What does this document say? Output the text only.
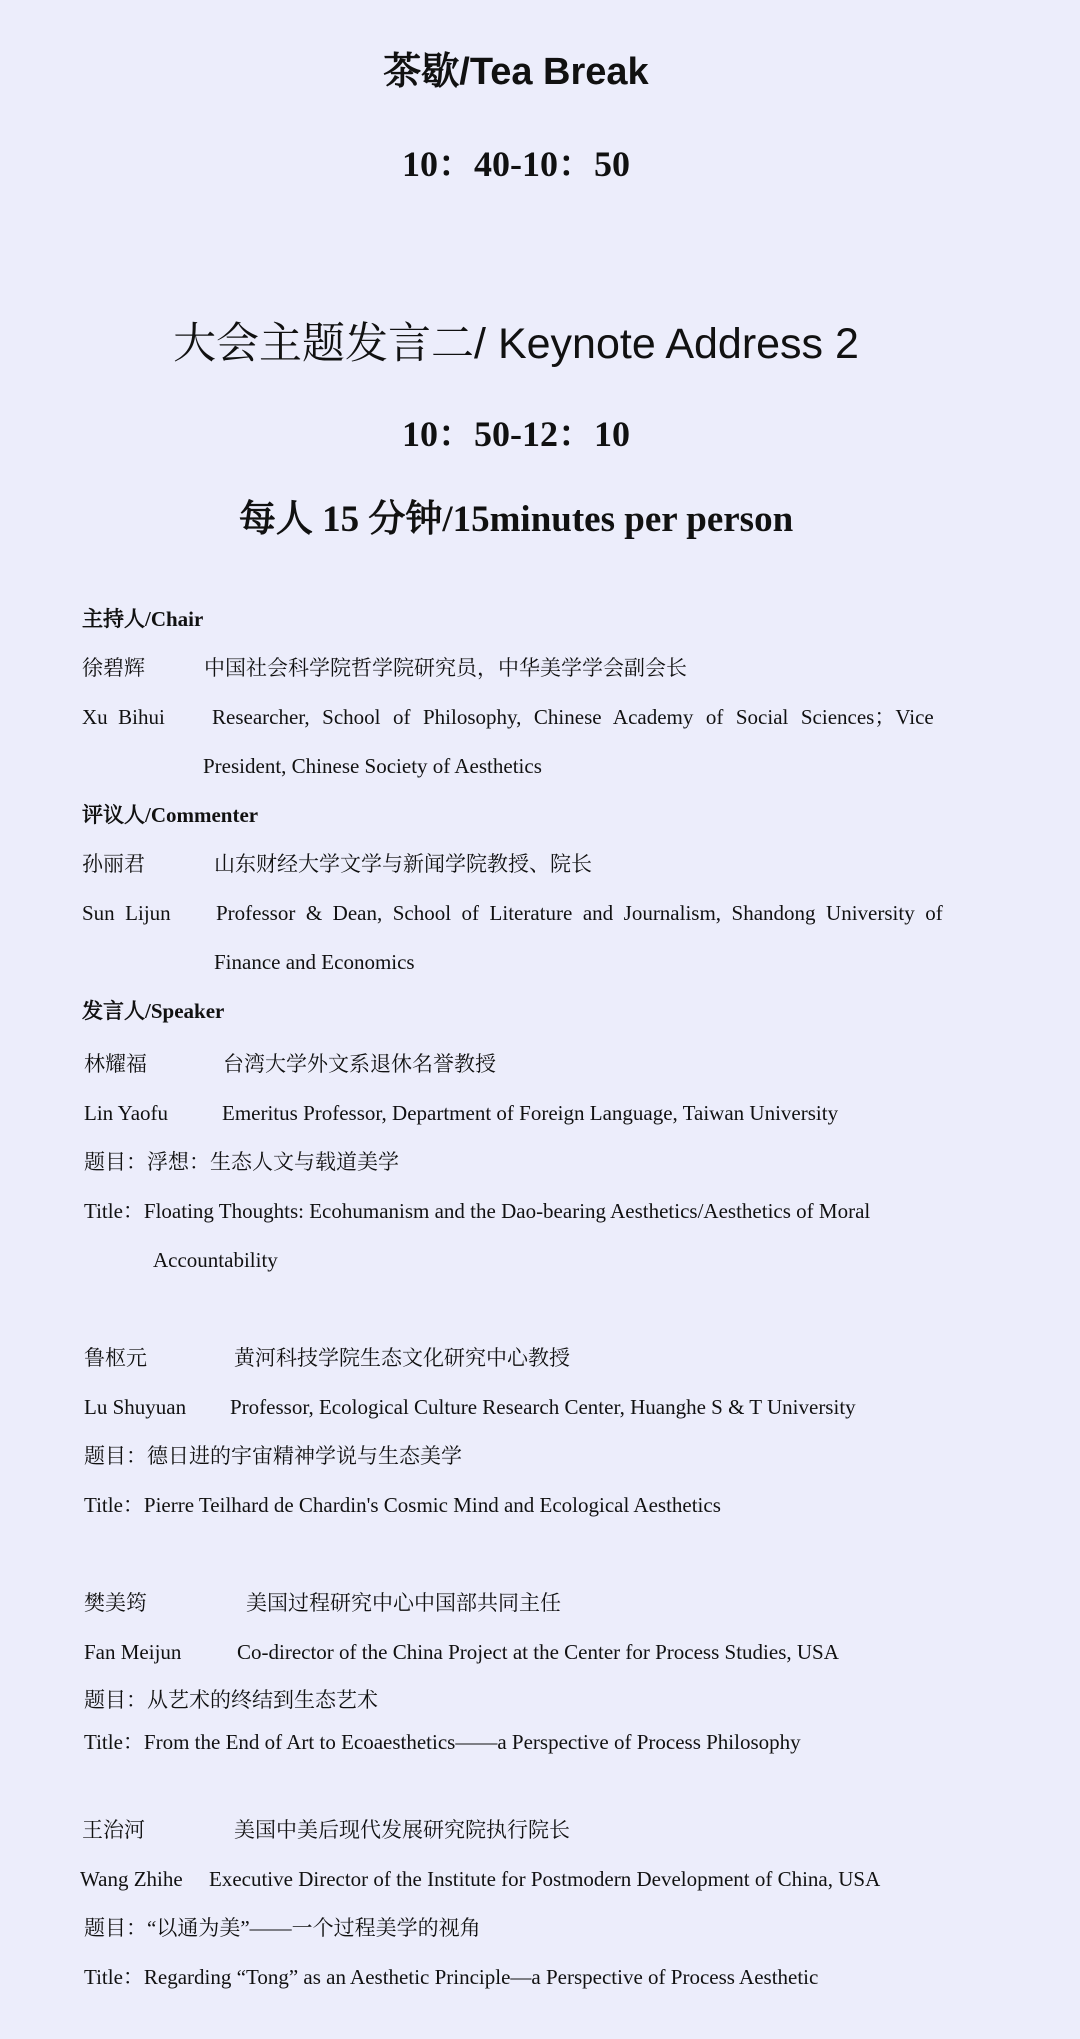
茶歇/Tea Break
10：40-10：50
大会主题发言二/ Keynote Address 2
10：50-12：10
每人 15 分钟/15minutes per person
主持人/Chair
徐碧辉	中国社会科学院哲学院研究员，中华美学学会副会长
Xu  Bihui Researcher,  School  of  Philosophy,  Chinese  Academy  of  Social  Sciences；Vice
President, Chinese Society of Aesthetics
评议人/Commenter
孙丽君	山东财经大学文学与新闻学院教授、院长
Sun  Lijun Professor  &  Dean,  School  of  Literature  and  Journalism,  Shandong  University  of
Finance and Economics
发言人/Speaker
林耀福	台湾大学外文系退休名誉教授
Lin Yaofu	Emeritus Professor, Department of Foreign Language, Taiwan University
题目：浮想：生态人文与载道美学
Title：Floating Thoughts: Ecohumanism and the Dao-bearing Aesthetics/Aesthetics of Moral
Accountability
鲁枢元	黄河科技学院生态文化研究中心教授
Lu Shuyuan Professor, Ecological Culture Research Center, Huanghe S & T University
题目：德日进的宇宙精神学说与生态美学
Title：Pierre Teilhard de Chardin's Cosmic Mind and Ecological Aesthetics
樊美筠	美国过程研究中心中国部共同主任
Fan Meijun	Co-director of the China Project at the Center for Process Studies, USA
题目：从艺术的终结到生态艺术
Title：From the End of Art to Ecoaesthetics——a Perspective of Process Philosophy
王治河	美国中美后现代发展研究院执行院长
Wang Zhihe Executive Director of the Institute for Postmodern Development of China, USA
题目：“以通为美”——一个过程美学的视角
Title：Regarding “Tong” as an Aesthetic Principle—a Perspective of Process Aesthetic
